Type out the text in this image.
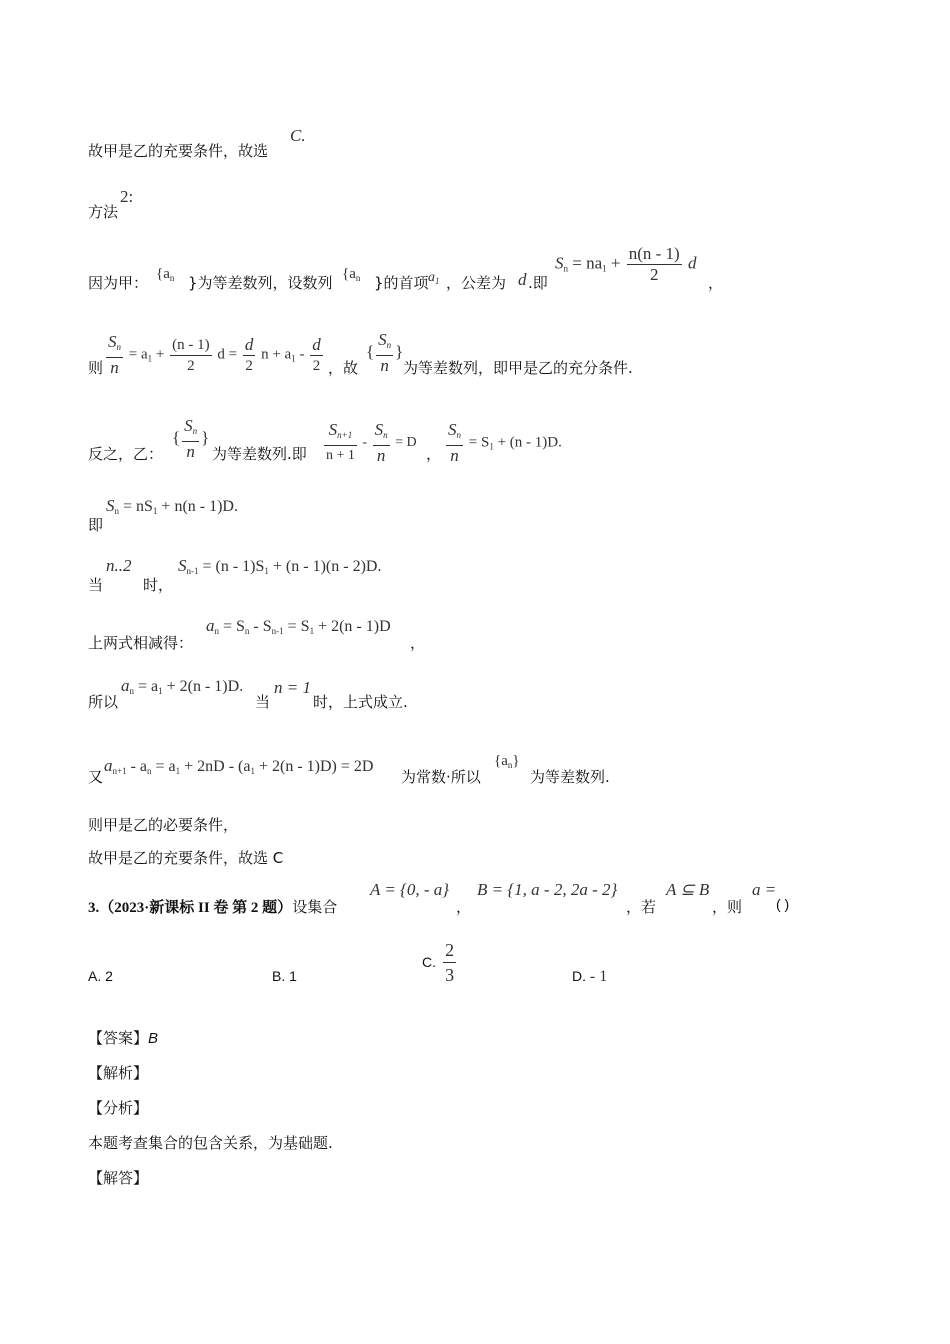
故甲是乙的充要条件，故选
C.
方法
2:
因为甲： {$a_n$ }为等差数列，设数列 {$a_n$ }的首项 $a_1$ ，公差为 d .即
$S_n = na_1 + \frac{n(n - 1)}{2}$ d
，
则 $\frac{S_n}{n} = a_1 + \frac{(n - 1)}{2}$ $d = \frac{d}{2}$ $n + a_1 - \frac{d}{2}$ ，故
{ $\frac{S_n}{n}$ }
为等差数列，即甲是乙的充分条件.
反之，乙：
{ $\frac{S_n}{n}$ }
为等差数列.即 $\frac{S_{n+1}}{n + 1} - \frac{S_n}{n} = D$
， $\frac{S_n}{n} = S_1 + (n - 1)D$.
即
$S_n = nS_1 + n(n - 1)D$.
当
n..2
时，
$S_{n-1} = (n - 1)S_1 + (n - 1)(n - 2)D$.
上两式相减得：
$a_n = S_n - S_{n-1} = S_1 + 2(n - 1)D$
，
所以
$a_n = a_1 + 2(n - 1)D$.
当
n = 1
时，上式成立.
又
$a_{n+1} - a_n = a_1 + 2nD - (a_1 + 2(n - 1)D) = 2D$
为常数·所以
$\{a_n\}$
为等差数列.
则甲是乙的必要条件，
故甲是乙的充要条件，故选 C
3.（2023·新课标 II 卷 第 2 题）设集合
A = {0, - a}
，
B = {1, a - 2, 2a - 2}
，若
A ⊆ B
，则
a =
( )
A. 2	B. 1
C. $\frac{2}{3}$	D. - 1
【答案】B
【解析】
【分析】
本题考查集合的包含关系，为基础题.
【解答】
